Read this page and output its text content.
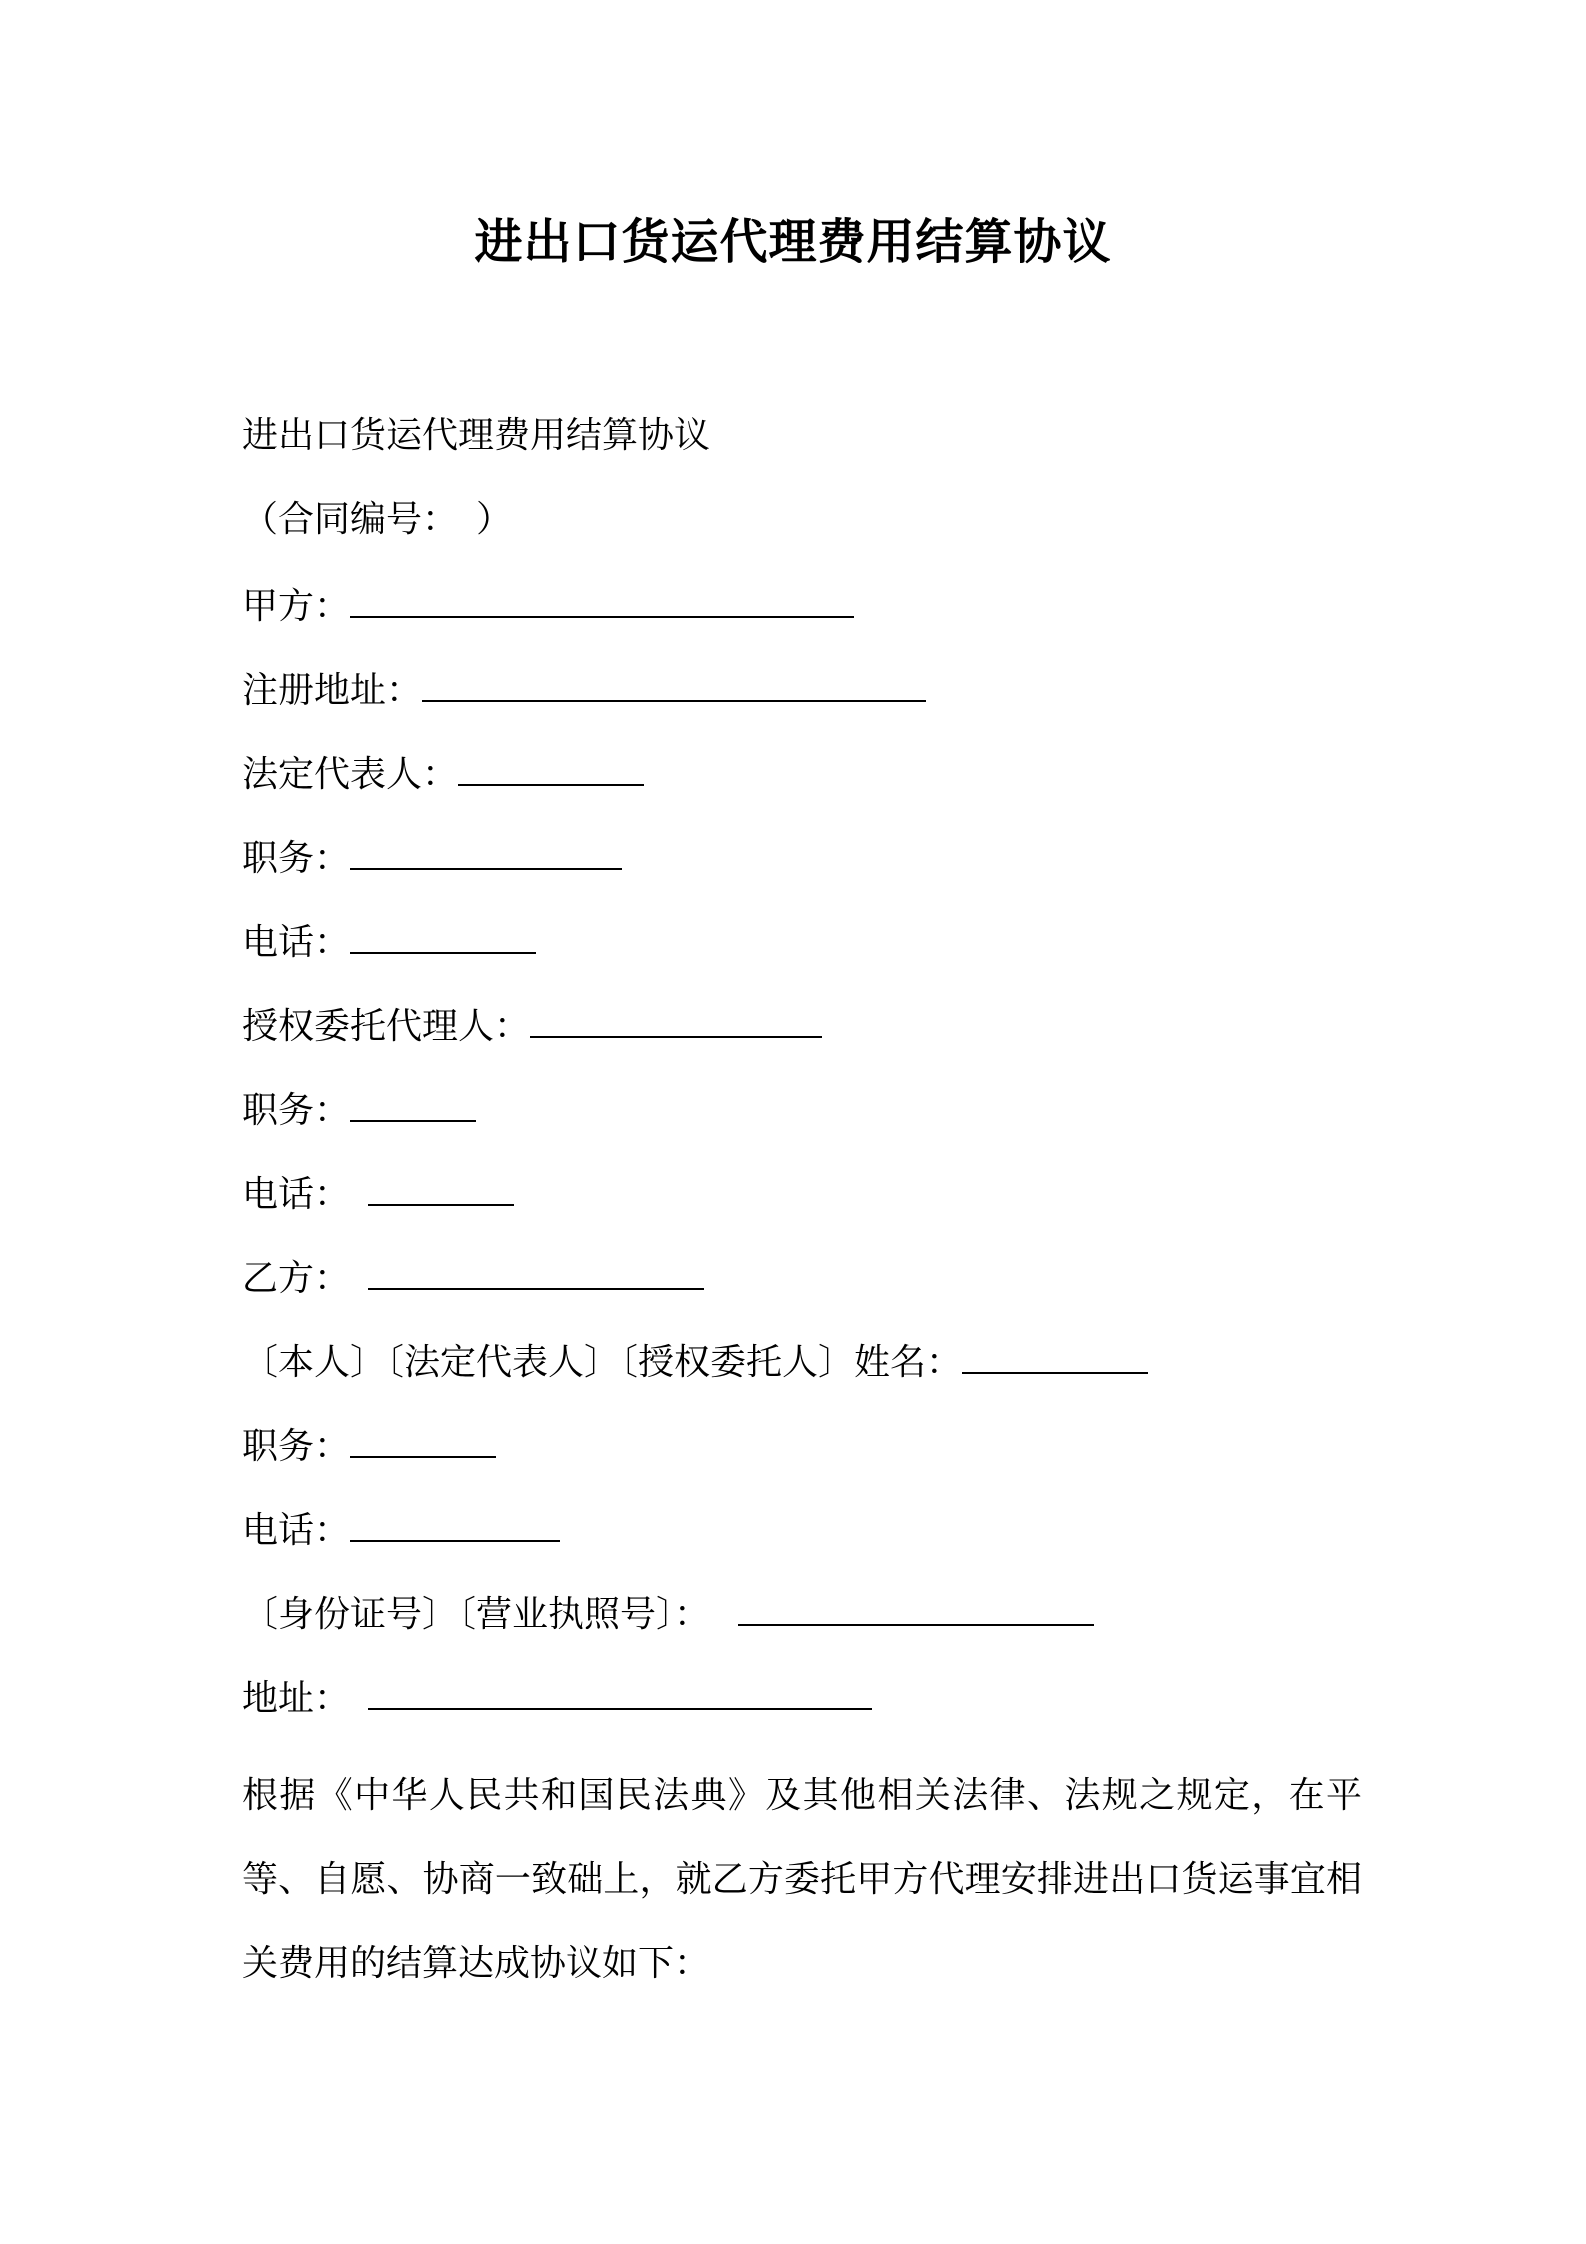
进出口货运代理费用结算协议
进出口货运代理费用结算协议
（合同编号：　）
甲方：
注册地址：
法定代表人：
职务：
电话：
授权委托代理人：
职务：
电话：
乙方：
〔本人〕〔法定代表人〕〔授权委托人〕姓名：
职务：
电话：
〔身份证号〕〔营业执照号〕：
地址：
根据《中华人民共和国民法典》及其他相关法律、法规之规定，在平等、自愿、协商一致础上，就乙方委托甲方代理安排进出口货运事宜相关费用的结算达成协议如下：
